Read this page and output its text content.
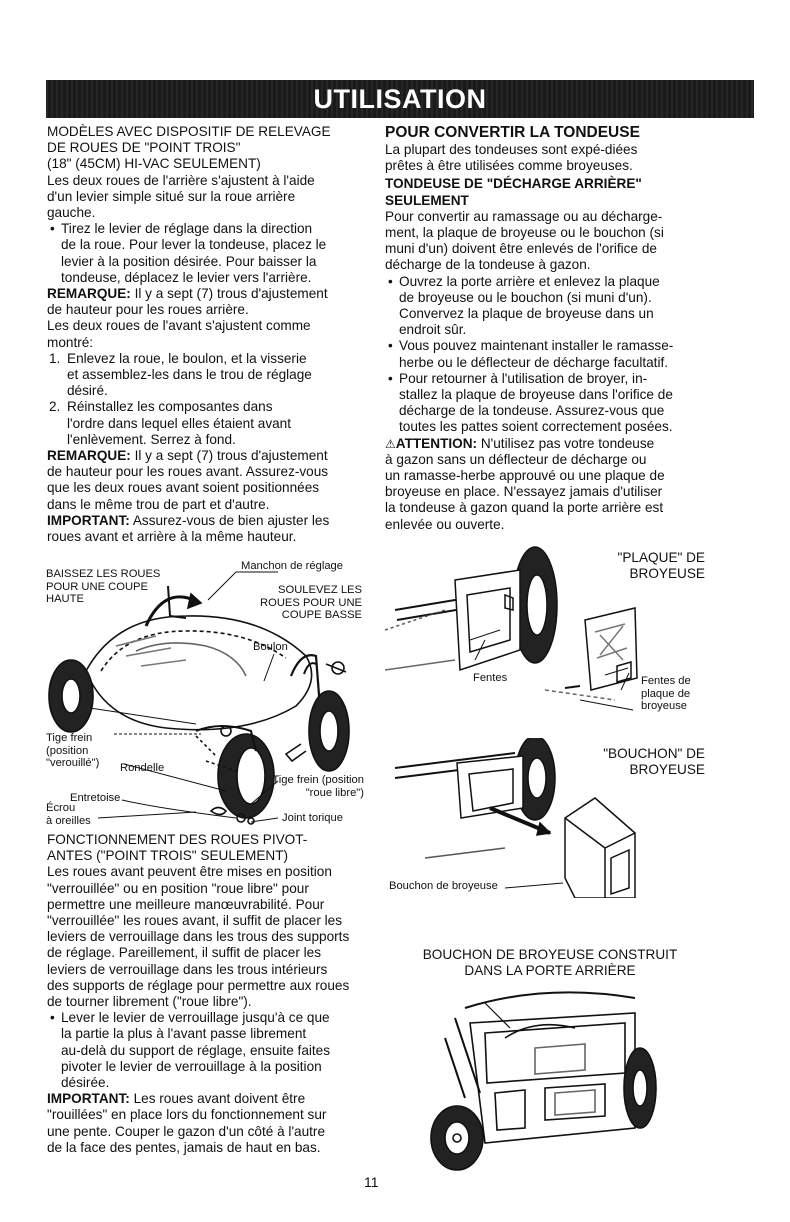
UTILISATION

MODÈLES AVEC DISPOSITIF DE RELEVAGE

DE ROUES DE "POINT TROIS"

(18" (45CM) HI-VAC SEULEMENT)

Les deux roues de l'arrière s'ajustent à l'aide

d'un levier simple situé sur la roue arrière

gauche.

• Tirez le levier de réglage dans la direction

de la roue. Pour lever la tondeuse, placez le

levier à la position désirée. Pour baisser la

tondeuse, déplacez le levier vers l'arrière.

REMARQUE: Il y a sept (7) trous d'ajustement

de hauteur pour les roues arrière.

Les deux roues de l'avant s'ajustent comme

montré:

1. Enlevez la roue, le boulon, et la visserie

et assemblez-les dans le trou de réglage

désiré.

2. Réinstallez les composantes dans

l'ordre dans lequel elles étaient avant

l'enlèvement. Serrez à fond.

REMARQUE: Il y a sept (7) trous d'ajustement

de hauteur pour les roues avant. Assurez-vous

que les deux roues avant soient positionnées

dans le même trou de part et d'autre.

IMPORTANT: Assurez-vous de bien ajuster les

roues avant et arrière à la même hauteur.

BAISSEZ LES ROUES
POUR UNE COUPE
HAUTE
Manchon de réglage
SOULEVEZ LES
ROUES POUR UNE
COUPE BASSE
Boulon
Tige frein
(position
"verouillé") Rondelle
Entretoise
Écrou
à oreilles
Tige frein (position
"roue libre")
Joint torique

FONCTIONNEMENT DES ROUES PIVOT-

ANTES ("POINT TROIS" SEULEMENT)

Les roues avant peuvent être mises en position

"verrouillée" ou en position "roue libre" pour

permettre une meilleure manœuvrabilité. Pour

"verrouillée" les roues avant, il suffit de placer les

leviers de verrouillage dans les trous des supports

de réglage. Pareillement, il suffit de placer les

leviers de verrouillage dans les trous intérieurs

des supports de réglage pour permettre aux roues

de tourner librement ("roue libre").

• Lever le levier de verrouillage jusqu'à ce que

la partie la plus à l'avant passe librement

au-delà du support de réglage, ensuite faites

pivoter le levier de verrouillage à la position

désirée.

IMPORTANT: Les roues avant doivent être

"rouillées" en place lors du fonctionnement sur

une pente. Couper le gazon d'un côté à l'autre

de la face des pentes, jamais de haut en bas.

POUR CONVERTIR LA TONDEUSE

La plupart des tondeuses sont expé-diées

prêtes à être utilisées comme broyeuses.

TONDEUSE DE "DÉCHARGE ARRIÈRE"

SEULEMENT

Pour convertir au ramassage ou au décharge-

ment, la plaque de broyeuse ou le bouchon (si

muni d'un) doivent être enlevés de l'orifice de

décharge de la tondeuse à gazon.

• Ouvrez la porte arrière et enlevez la plaque

de broyeuse ou le bouchon (si muni d'un).

Convervez la plaque de broyeuse dans un

endroit sûr.

• Vous pouvez maintenant installer le ramasse-

herbe ou le déflecteur de décharge facultatif.

• Pour retourner à l'utilisation de broyer, in-

stallez la plaque de broyeuse dans l'orifice de

décharge de la tondeuse. Assurez-vous que

toutes les pattes soient correctement posées.

⚠ATTENTION: N'utilisez pas votre tondeuse

à gazon sans un déflecteur de décharge ou

un ramasse-herbe approuvé ou une plaque de

broyeuse en place. N'essayez jamais d'utiliser

la tondeuse à gazon quand la porte arrière est

enlevée ou ouverte.

"PLAQUE" DE
BROYEUSE
Fentes	Fentes de
plaque de
broyeuse
"BOUCHON" DE
BROYEUSE
Bouchon de broyeuse
BOUCHON DE BROYEUSE CONSTRUIT
DANS LA PORTE ARRIÈRE
11
